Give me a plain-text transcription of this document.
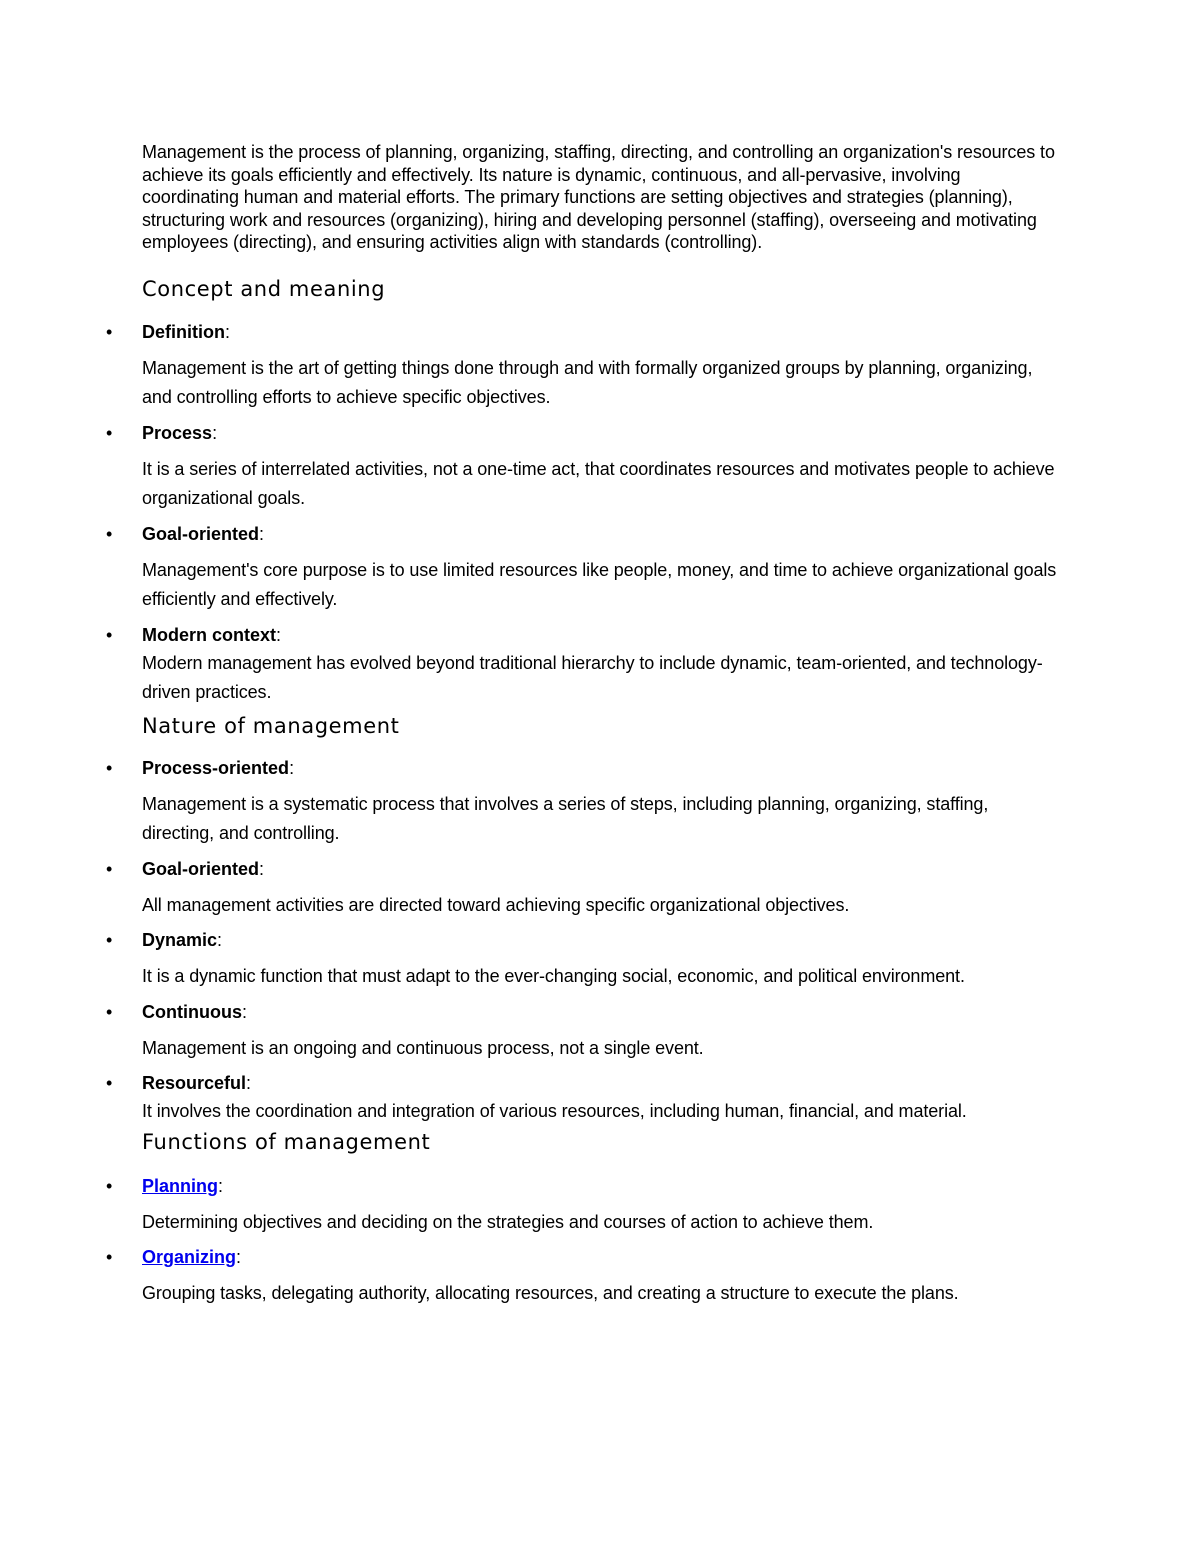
Management is the process of planning, organizing, staffing, directing, and controlling an organization's resources to achieve its goals efficiently and effectively. Its nature is dynamic, continuous, and all-pervasive, involving coordinating human and material efforts. The primary functions are setting objectives and strategies (planning), structuring work and resources (organizing), hiring and developing personnel (staffing), overseeing and motivating employees (directing), and ensuring activities align with standards (controlling).

Concept and meaning
• Definition:

Management is the art of getting things done through and with formally organized groups by planning, organizing, and controlling efforts to achieve specific objectives.

• Process:

It is a series of interrelated activities, not a one-time act, that coordinates resources and motivates people to achieve organizational goals.

• Goal-oriented:

Management's core purpose is to use limited resources like people, money, and time to achieve organizational goals efficiently and effectively.

• Modern context:

Modern management has evolved beyond traditional hierarchy to include dynamic, team-oriented, and technology-driven practices.

Nature of management
• Process-oriented:

Management is a systematic process that involves a series of steps, including planning, organizing, staffing, directing, and controlling.

• Goal-oriented:

All management activities are directed toward achieving specific organizational objectives.

• Dynamic:

It is a dynamic function that must adapt to the ever-changing social, economic, and political environment.

• Continuous:

Management is an ongoing and continuous process, not a single event.

• Resourceful:

It involves the coordination and integration of various resources, including human, financial, and material.

Functions of management
• Planning:

Determining objectives and deciding on the strategies and courses of action to achieve them.

• Organizing:

Grouping tasks, delegating authority, allocating resources, and creating a structure to execute the plans.
